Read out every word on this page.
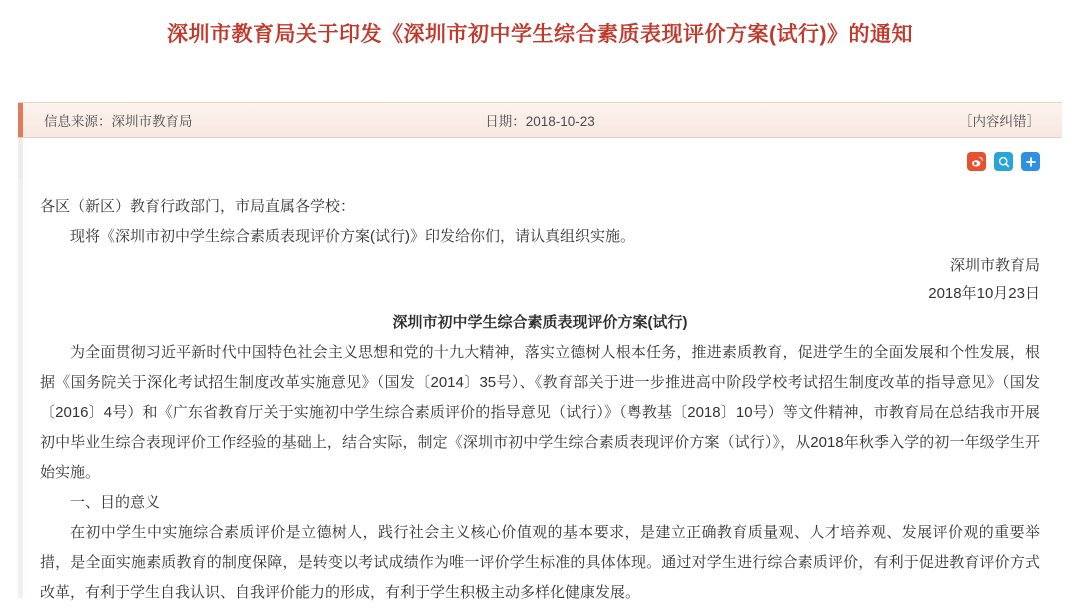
深圳市教育局关于印发《深圳市初中学生综合素质表现评价方案(试行)》的通知
信息来源：深圳市教育局	日期：2018-10-23	［内容纠错］

各区（新区）教育行政部门，市局直属各学校：

现将《深圳市初中学生综合素质表现评价方案(试行)》印发给你们，请认真组织实施。

深圳市教育局

2018年10月23日

深圳市初中学生综合素质表现评价方案(试行)

为全面贯彻习近平新时代中国特色社会主义思想和党的十九大精神，落实立德树人根本任务，推进素质教育，促进学生的全面发展和个性发展，根据《国务院关于深化考试招生制度改革实施意见》（国发〔2014〕35号）、《教育部关于进一步推进高中阶段学校考试招生制度改革的指导意见》（国发〔2016〕4号）和《广东省教育厅关于实施初中学生综合素质评价的指导意见（试行）》（粤教基〔2018〕10号）等文件精神，市教育局在总结我市开展初中毕业生综合表现评价工作经验的基础上，结合实际，制定《深圳市初中学生综合素质表现评价方案（试行）》，从2018年秋季入学的初一年级学生开始实施。

一、目的意义

在初中学生中实施综合素质评价是立德树人，践行社会主义核心价值观的基本要求，是建立正确教育质量观、人才培养观、发展评价观的重要举措，是全面实施素质教育的制度保障，是转变以考试成绩作为唯一评价学生标准的具体体现。通过对学生进行综合素质评价，有利于促进教育评价方式改革，有利于学生自我认识、自我评价能力的形成，有利于学生积极主动多样化健康发展。
